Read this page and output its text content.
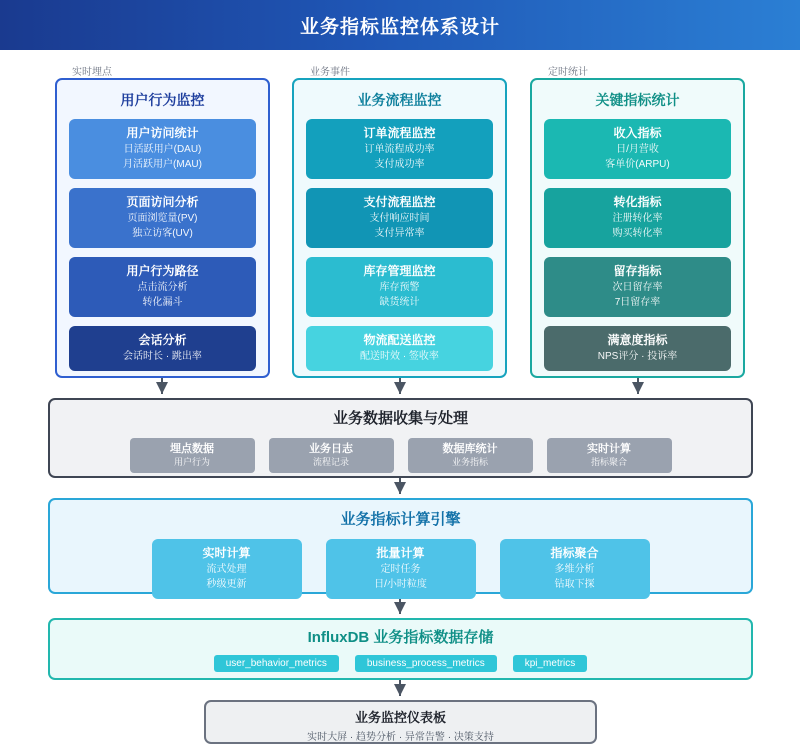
业务指标监控体系设计
实时埋点	业务事件	定时统计
用户行为监控
用户访问统计
日活跃用户(DAU)
月活跃用户(MAU)
页面访问分析
页面浏览量(PV)
独立访客(UV)
用户行为路径
点击流分析
转化漏斗
会话分析
会话时长 · 跳出率
业务流程监控
订单流程监控
订单流程成功率
支付成功率
支付流程监控
支付响应时间
支付异常率
库存管理监控
库存预警
缺货统计
物流配送监控
配送时效 · 签收率
关键指标统计
收入指标
日/月营收
客单价(ARPU)
转化指标
注册转化率
购买转化率
留存指标
次日留存率
7日留存率
满意度指标
NPS评分 · 投诉率
业务数据收集与处理
埋点数据
用户行为
业务日志
流程记录
数据库统计
业务指标
实时计算
指标聚合
业务指标计算引擎
实时计算
流式处理
秒级更新
批量计算
定时任务
日/小时粒度
指标聚合
多维分析
钻取下探
InfluxDB 业务指标数据存储
user_behavior_metrics	business_process_metrics	kpi_metrics
业务监控仪表板
实时大屏 · 趋势分析 · 异常告警 · 决策支持
